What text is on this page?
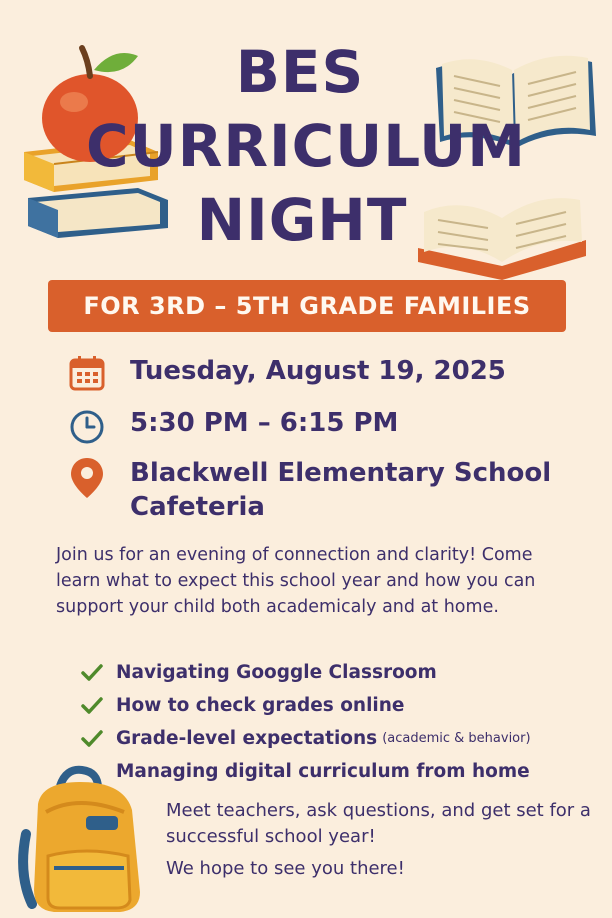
BES
CURRICULUM
NIGHT
FOR 3RD – 5TH GRADE FAMILIES
Tuesday, August 19, 2025
5:30 PM – 6:15 PM
Blackwell Elementary School
Cafeteria
Join us for an evening of connection and clarity! Come learn what to expect this school year and how you can support your child both academicaly and at home.
Navigating Googgle Classroom
How to check grades online
Grade-level expectations (academic & behavior)
Managing digital curriculum from home
Meet teachers, ask questions, and get set for a successful school year!
We hope to see you there!
